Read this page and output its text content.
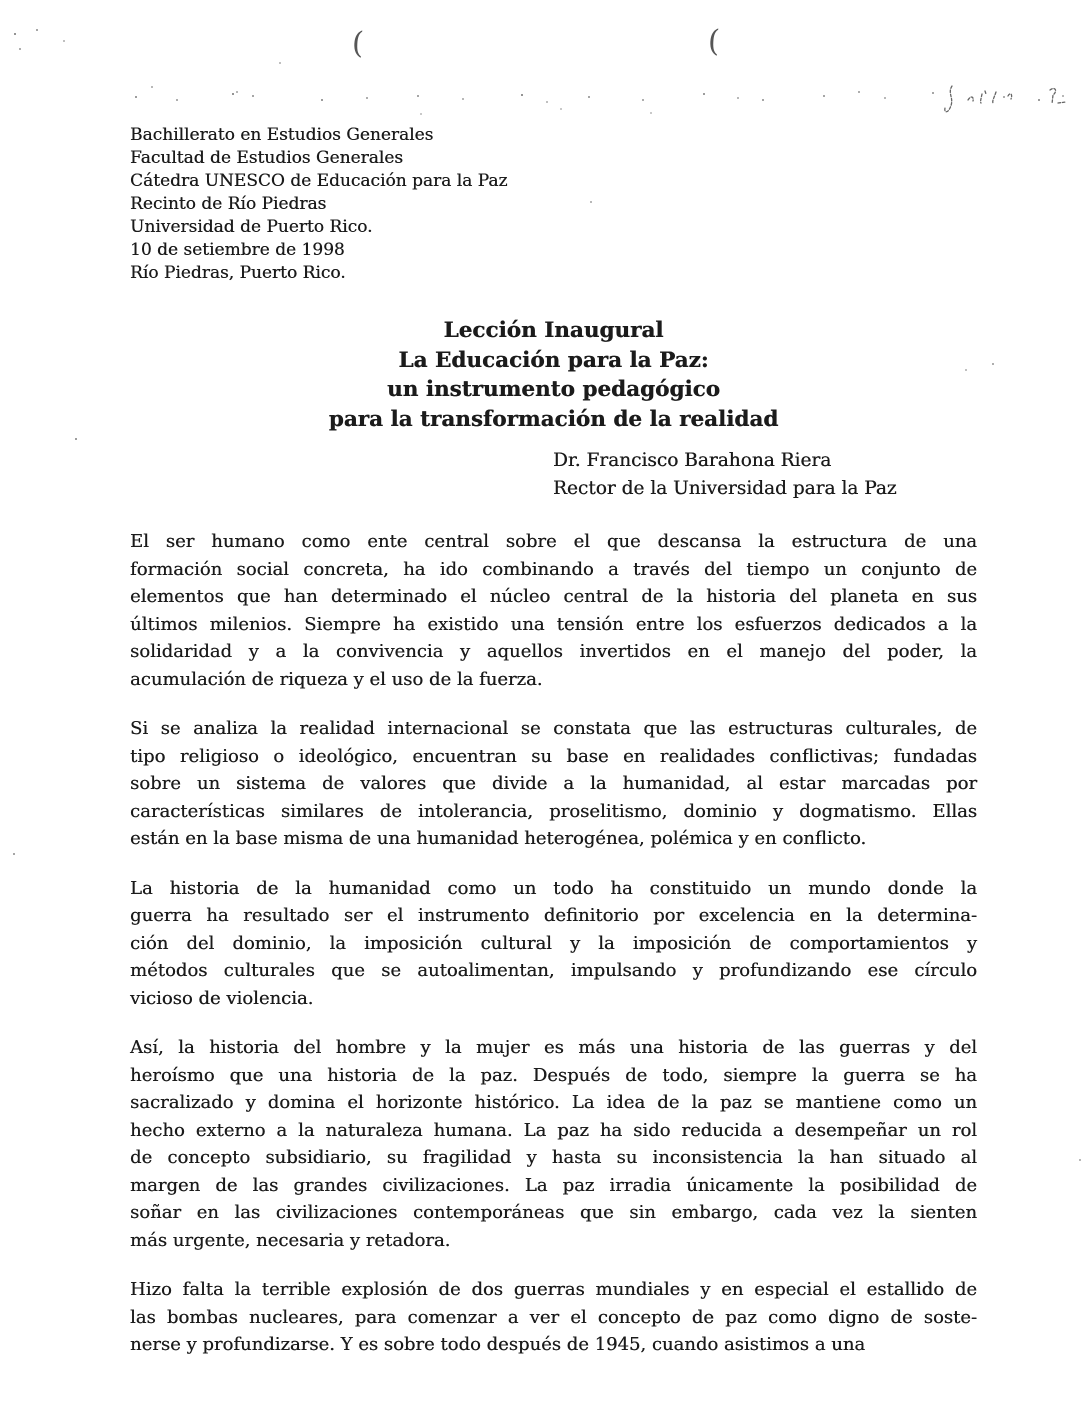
(	(
Bachillerato en Estudios Generales
Facultad de Estudios Generales
Cátedra UNESCO de Educación para la Paz
Recinto de Río Piedras
Universidad de Puerto Rico.
10 de setiembre de 1998
Río Piedras, Puerto Rico.
Lección Inaugural
La Educación para la Paz:
un instrumento pedagógico
para la transformación de la realidad
Dr. Francisco Barahona Riera
Rector de la Universidad para la Paz

El ser humano como ente central sobre el que descansa la estructura de una
formación social concreta, ha ido combinando a través del tiempo un conjunto de
elementos que han determinado el núcleo central de la historia del planeta en sus
últimos milenios. Siempre ha existido una tensión entre los esfuerzos dedicados a la
solidaridad y a la convivencia y aquellos invertidos en el manejo del poder, la
acumulación de riqueza y el uso de la fuerza.

Si se analiza la realidad internacional se constata que las estructuras culturales, de
tipo religioso o ideológico, encuentran su base en realidades conflictivas; fundadas
sobre un sistema de valores que divide a la humanidad, al estar marcadas por
características similares de intolerancia, proselitismo, dominio y dogmatismo. Ellas
están en la base misma de una humanidad heterogénea, polémica y en conflicto.

La historia de la humanidad como un todo ha constituido un mundo donde la
guerra ha resultado ser el instrumento definitorio por excelencia en la determina-
ción del dominio, la imposición cultural y la imposición de comportamientos y
métodos culturales que se autoalimentan, impulsando y profundizando ese círculo
vicioso de violencia.

Así, la historia del hombre y la mujer es más una historia de las guerras y del
heroísmo que una historia de la paz. Después de todo, siempre la guerra se ha
sacralizado y domina el horizonte histórico. La idea de la paz se mantiene como un
hecho externo a la naturaleza humana. La paz ha sido reducida a desempeñar un rol
de concepto subsidiario, su fragilidad y hasta su inconsistencia la han situado al
margen de las grandes civilizaciones. La paz irradia únicamente la posibilidad de
soñar en las civilizaciones contemporáneas que sin embargo, cada vez la sienten
más urgente, necesaria y retadora.

Hizo falta la terrible explosión de dos guerras mundiales y en especial el estallido de
las bombas nucleares, para comenzar a ver el concepto de paz como digno de soste-
nerse y profundizarse. Y es sobre todo después de 1945, cuando asistimos a una
